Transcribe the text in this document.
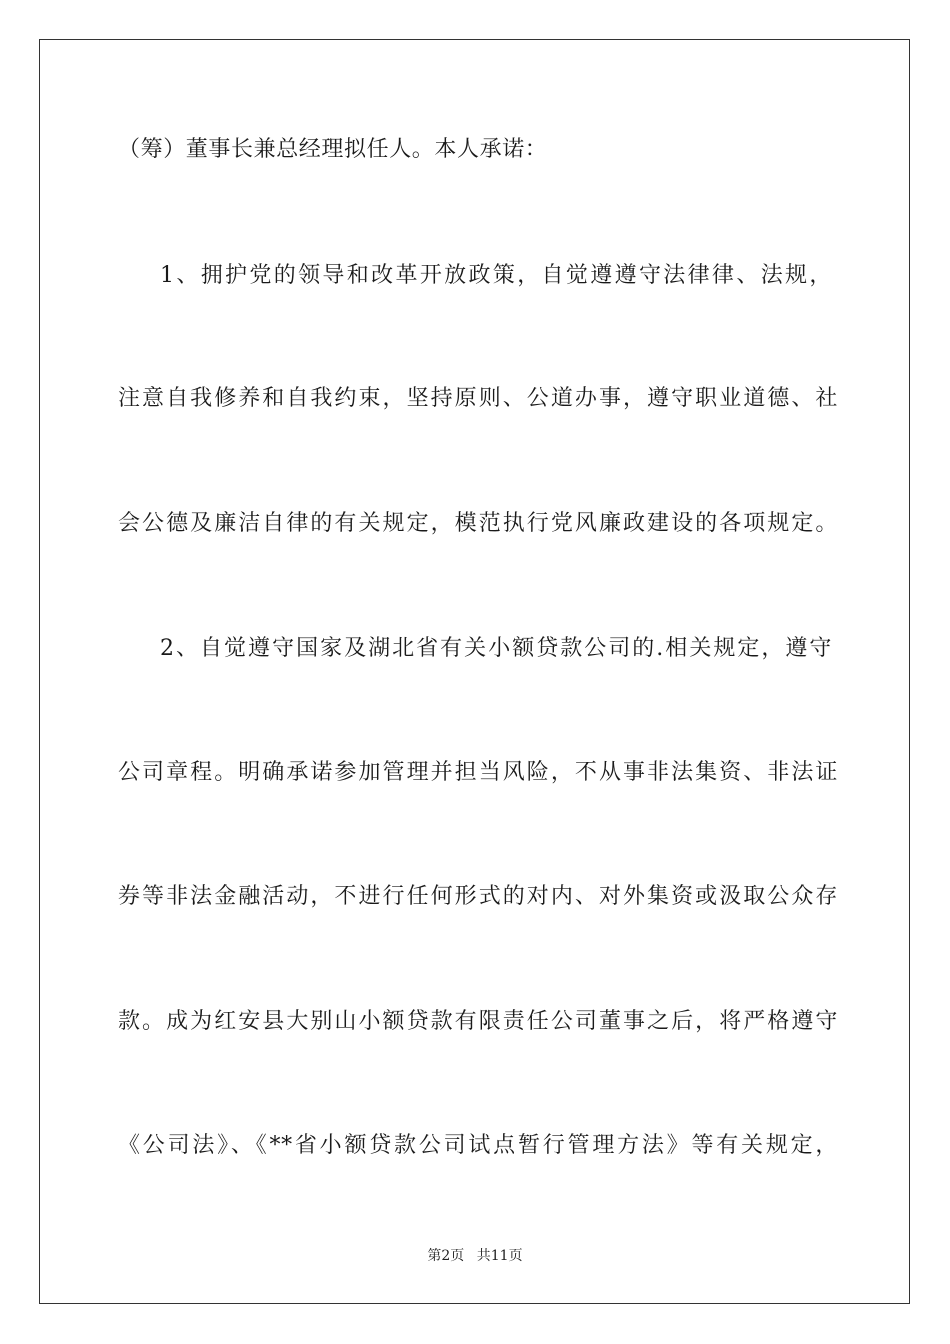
（筹）董事长兼总经理拟任人。本人承诺：
1、拥护党的领导和改革开放政策，自觉遵遵守法律律、法规，
注意自我修养和自我约束，坚持原则、公道办事，遵守职业道德、社
会公德及廉洁自律的有关规定，模范执行党风廉政建设的各项规定。
2、自觉遵守国家及湖北省有关小额贷款公司的.相关规定，遵守
公司章程。明确承诺参加管理并担当风险，不从事非法集资、非法证
券等非法金融活动，不进行任何形式的对内、对外集资或汲取公众存
款。成为红安县大别山小额贷款有限责任公司董事之后，将严格遵守
《公司法》、《**省小额贷款公司试点暂行管理方法》等有关规定，
第2页 共11页
